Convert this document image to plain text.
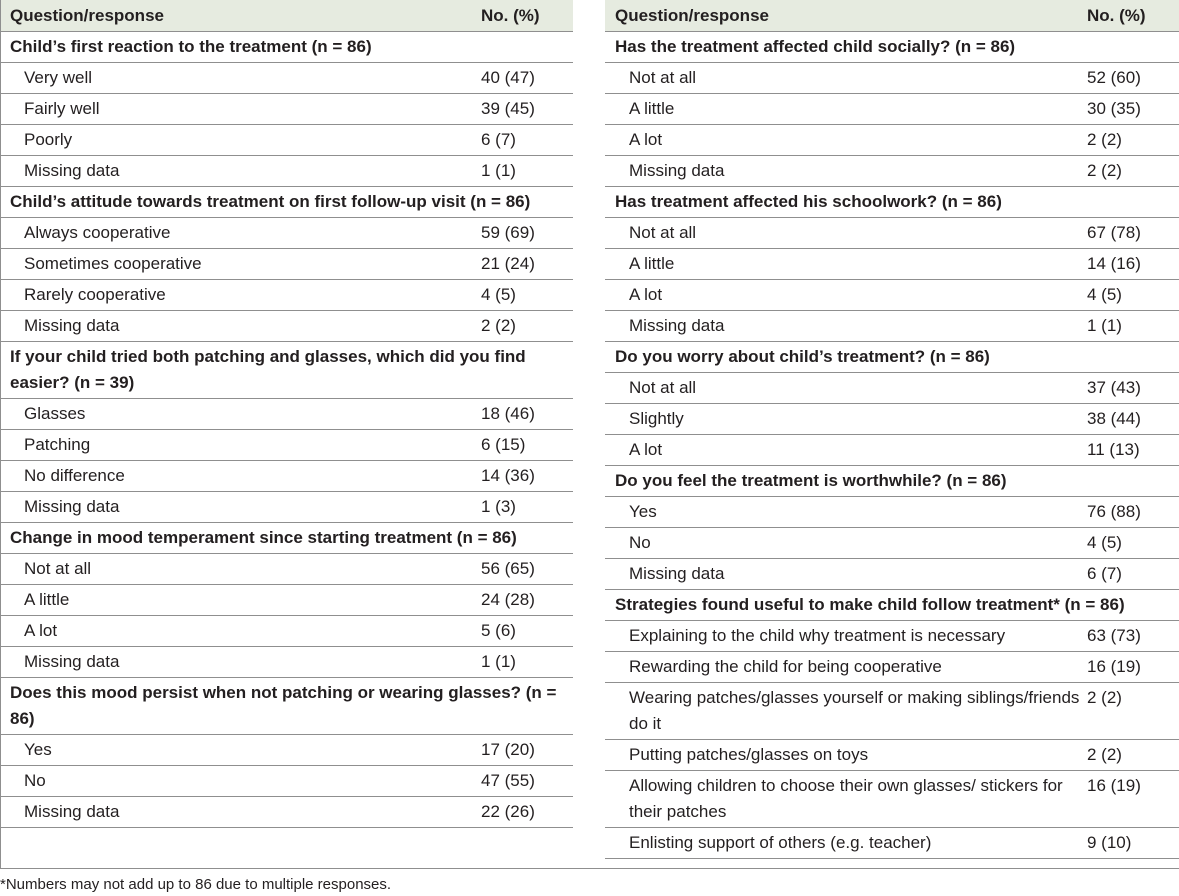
Question/response	No. (%)
Child’s first reaction to the treatment (n = 86)	
Very well	40 (47)
Fairly well	39 (45)
Poorly	6 (7)
Missing data	1 (1)
Child’s attitude towards treatment on first follow-up visit (n = 86)	
Always cooperative	59 (69)
Sometimes cooperative	21 (24)
Rarely cooperative	4 (5)
Missing data	2 (2)
If your child tried both patching and glasses, which did you find easier? (n = 39)	
Glasses	18 (46)
Patching	6 (15)
No difference	14 (36)
Missing data	1 (3)
Change in mood temperament since starting treatment (n = 86)	
Not at all	56 (65)
A little	24 (28)
A lot	5 (6)
Missing data	1 (1)
Does this mood persist when not patching or wearing glasses? (n = 86)	
Yes	17 (20)
No	47 (55)
Missing data	22 (26)
Question/response	No. (%)
Has the treatment affected child socially? (n = 86)	
Not at all	52 (60)
A little	30 (35)
A lot	2 (2)
Missing data	2 (2)
Has treatment affected his schoolwork? (n = 86)	
Not at all	67 (78)
A little	14 (16)
A lot	4 (5)
Missing data	1 (1)
Do you worry about child’s treatment? (n = 86)	
Not at all	37 (43)
Slightly	38 (44)
A lot	11 (13)
Do you feel the treatment is worthwhile? (n = 86)	
Yes	76 (88)
No	4 (5)
Missing data	6 (7)
Strategies found useful to make child follow treatment* (n = 86)	
Explaining to the child why treatment is necessary	63 (73)
Rewarding the child for being cooperative	16 (19)
Wearing patches/glasses yourself or making siblings/friends do it	2 (2)
Putting patches/glasses on toys	2 (2)
Allowing children to choose their own glasses/ stickers for their patches	16 (19)
Enlisting support of others (e.g. teacher)	9 (10)
*Numbers may not add up to 86 due to multiple responses.
